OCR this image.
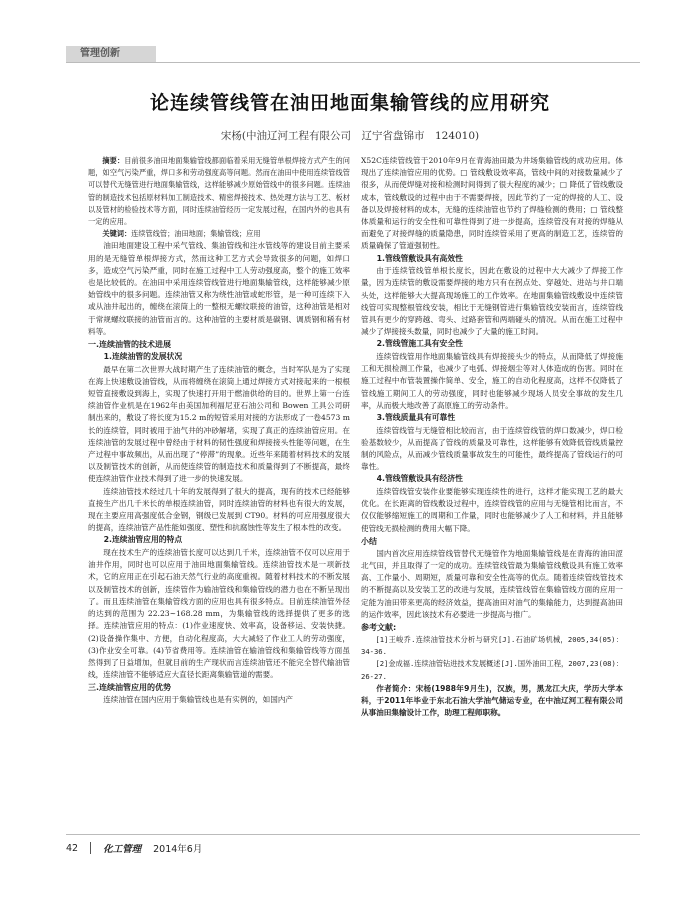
管理创新
论连续管线管在油田地面集输管线的应用研究
宋杨(中油辽河工程有限公司　辽宁省盘锦市　124010)

摘要：目前很多油田地面集输管线都面临着采用无缝管单根焊接方式产生的问题，如空气污染严重，焊口多和劳动强度高等问题。然而在油田中使用连续管线管可以替代无缝管进行地面集输管线，这样能够减少原始管线中的很多问题。连续油管的制造技术包括原材料加工制造技术、精密焊接技术、热处理方法与工艺、板材以及管材的检验技术等方面，同时连续油管经历一定发展过程，在国内外的也具有一定的应用。

关键词：连续管线管；油田地面；集输管线；应用

油田地面建设工程中采气管线、集油管线和注水管线等的建设目前主要采用的是无缝管单根焊接方式，然而这种工艺方式会导致很多的问题，如焊口多，造成空气污染严重，同时在施工过程中工人劳动强度高，整个的施工效率也是比较低的。在油田中采用连续管线管进行地面集输管线，这样能够减少原始管线中的很多问题。连续油管又称为绕性油管或蛇形管，是一种可连续下入或从油井起出的，缠绕在滚筒上的一整根无螺纹联接的油管，这种油管是相对于常规螺纹联接的油管而言的。这种油管的主要材质是碳钢、调质钢和稀有材料等。

一.连续油管的技术进展
1.连续油管的发展状况

最早在第二次世界大战时期产生了连续油管的概念，当时军队是为了实现在海上快速敷设油管线，从而将缠绕在滚筒上通过焊接方式对接起来的一根根短管直接敷设到海上，实现了快速打开用于燃油供给的目的。世界上第一台连续油管作业机是在1962年由美国加利福尼亚石油公司和 Bowen 工具公司研制出来的，敷设了将长度为15.2 m的短管采用对接的方法形成了一卷4573 m长的连续管，同时被用于油气井的冲砂解堵，实现了真正的连续油管应用。在连续油管的发展过程中曾经由于材料的韧性强度和焊接接头性能等问题，在生产过程中事故频出，从而出现了“停滞”的现象。近些年来随着材料技术的发展以及制管技术的创新，从而使连续管的制造技术和质量得到了不断提高，最终使连续油管作业技术得到了进一步的快速发展。

连续油管技术经过几十年的发展得到了很大的提高，现有的技术已经能够直接生产出几千米长的单根连续油管，同时连续油管的材料也有很大的发展，现在主要应用高强度低合金钢，钢级已发展到 CT90。材料的可应用强度很大的提高，连续油管产品性能如强度、塑性和抗腐蚀性等发生了根本性的改变。

2.连续油管应用的特点

现在技术生产的连续油管长度可以达到几千米，连续油管不仅可以应用于油井作用，同时也可以应用于油田地面集输管线。连续油管技术是一项新技术，它的应用正在引起石油天然气行业的高度重视。随着材料技术的不断发展以及制管技术的创新，连续管作为输油管线和集输管线的潜力也在不断呈现出了。而且连续油管在集输管线方面的应用也具有很多特点。目前连续油管外径的达到的范围为 22.23~168.28 mm，为集输管线的选择提供了更多的选择。连续油管应用的特点：(1)作业速度快、效率高，设备移运、安装快捷。(2)设备操作集中、方便，自动化程度高，大大减轻了作业工人的劳动强度，(3)作业安全可靠。(4)节省费用等。连续油管在输油管线和集输管线等方面虽然得到了日益增加，但就目前的生产现状而言连续油管还不能完全替代输油管线，连续油管不能够适应大直径长距离集输管道的需要。

三.连续油管应用的优势

连续油管在国内应用于集输管线也是有实例的，如国内产

X52C连续管线管于2010年9月在青海油田最为井场集输管线的成功应用。体现出了连续油管应用的优势。□ 管线敷设效率高，管线中间的对接数量减少了很多，从而使焊缝对接和检测时间得到了很大程度的减少；□ 降低了管线敷设成本，管线敷设的过程中由于不需要焊接，因此节约了一定的焊接的人工、设备以及焊接材料的成本，无缝的连续油管也节约了焊缝检测的费用；□ 管线整体质量和运行的安全性和可靠性得到了进一步提高，连续管没有对接的焊缝从而避免了对接焊缝的质量隐患，同时连续管采用了更高的制造工艺，连续管的质量确保了管道强韧性。

1.管线管敷设具有高效性

由于连续管线管单根长度长，因此在敷设的过程中大大减少了焊接工作量，因为连续管的敷设需要焊接的地方只有在拐点处、穿越处、进站与井口端头处，这样能够大大提高现场施工的工作效率。在地面集输管线敷设中连续管线管可实现整根管线安装，相比于无缝钢管进行集输管线安装而言，连续管线管具有更少的穿跨越、弯头、过路套管和两端碰头的情况。从而在施工过程中减少了焊接接头数量，同时也减少了大量的施工时间。

2.管线管施工具有安全性

连续管线管用作地面集输管线具有焊接接头少的特点，从而降低了焊接施工和无损检测工作量，也减少了电弧、焊接烟尘等对人体造成的伤害。同时在施工过程中布管装置操作简单、安全，施工的自动化程度高，这样不仅降低了管线施工期间工人的劳动强度，同时也能够减少现场人员安全事故的发生几率，从而极大地改善了高原施工的劳动条件。

3.管线质量具有可靠性

连续管线管与无缝管相比较而言，由于连续管线管的焊口数减少，焊口检验基数较少，从而提高了管线的质量及可靠性，这样能够有效降低管线质量控制的风险点，从而减少管线质量事故发生的可能性，最终提高了管线运行的可靠性。

4.管线管敷设具有经济性

连续管线管安装作业要能够实现连续性的进行，这样才能实现工艺的最大优化。在长距离的管线敷设过程中，连续管线管的应用与无缝管相比而言，不仅仅能够缩短施工的周期和工作量，同时也能够减少了人工和材料，并且能够使管线无损检测的费用大幅下降。

小结

国内首次应用连续管线管替代无缝管作为地面集输管线是在青海的油田涩北气田，并且取得了一定的成功。连续管线管最为集输管线敷设具有施工效率高、工作量小、周期短，质量可靠和安全性高等的优点。随着连续管线管技术的不断提高以及安装工艺的改进与发展，连续管线管在集输管线方面的应用一定能为油田带来更高的经济效益，提高油田对油气的集输能力，达到提高油田的运作效率，因此该技术有必要进一步提高与推广。

参考文献:

[1]王峻乔.连续油管技术分析与研究[J].石油矿场机械，2005,34(05)：34-36.

[2]金成福.连续油管钻进技术发展概述[J].国外油田工程，2007,23(08)：26-27.

作者简介：宋杨(1988年9月生)，汉族，男，黑龙江大庆，学历大学本科，于2011年毕业于东北石油大学油气储运专业，在中油辽河工程有限公司从事油田集输设计工作，助理工程师职称。

42	化工管理 2014年6月
